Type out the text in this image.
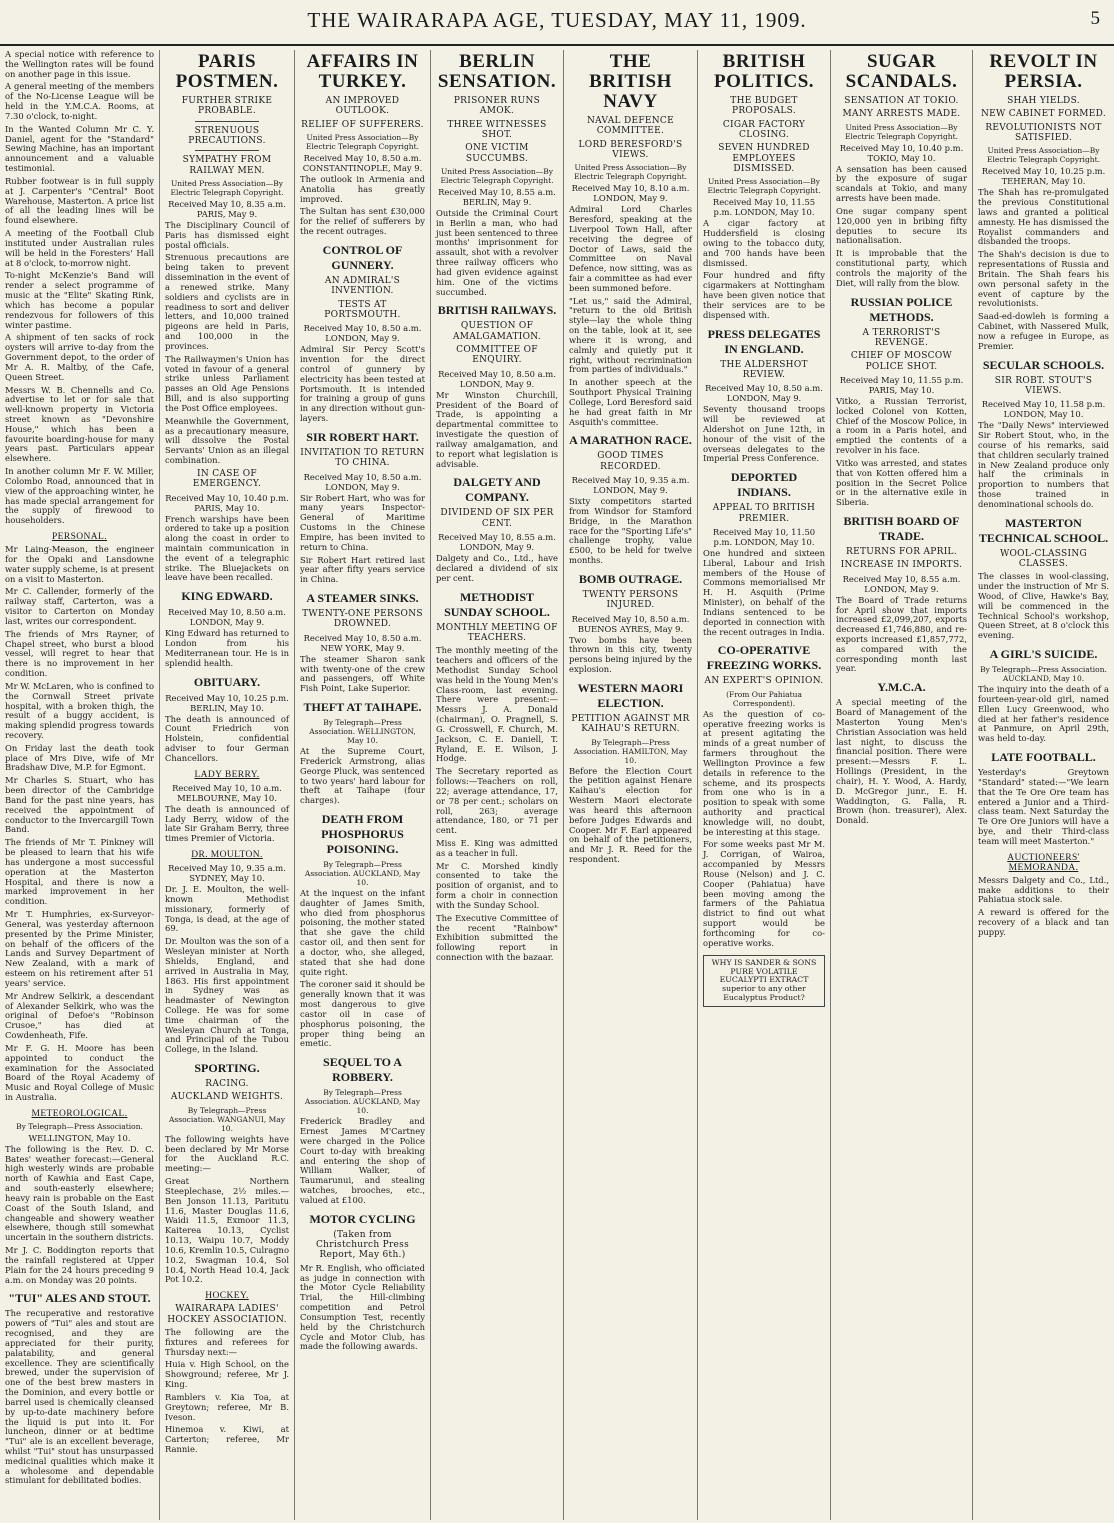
THE WAIRARAPA AGE, TUESDAY, MAY 11, 1909.	5

A special notice with reference to the Wellington rates will be found on another page in this issue.

A general meeting of the members of the No-License League will be held in the Y.M.C.A. Rooms, at 7.30 o'clock, to-night.

In the Wanted Column Mr C. Y. Daniel, agent for the "Standard" Sewing Machine, has an important announcement and a valuable testimonial.

Rubber footwear is in full supply at J. Carpenter's "Central" Boot Warehouse, Masterton. A price list of all the leading lines will be found elsewhere.

A meeting of the Football Club instituted under Australian rules will be held in the Foresters' Hall at 8 o'clock, to-morrow night.

To-night McKenzie's Band will render a select programme of music at the "Elite" Skating Rink, which has become a popular rendezvous for followers of this winter pastime.

A shipment of ten sacks of rock oysters will arrive to-day from the Government depot, to the order of Mr A. R. Maltby, of the Cafe, Queen Street.

Messrs W. B. Chennells and Co. advertise to let or for sale that well-known property in Victoria street known as "Devonshire House," which has been a favourite boarding-house for many years past. Particulars appear elsewhere.

In another column Mr F. W. Miller, Colombo Road, announced that in view of the approaching winter, he has made special arrangement for the supply of firewood to householders.

PERSONAL.

Mr Laing-Meason, the engineer for the Opaki and Lansdowne water supply scheme, is at present on a visit to Masterton.

Mr C. Callender, formerly of the railway staff, Carterton, was a visitor to Carterton on Monday last, writes our correspondent.

The friends of Mrs Rayner, of Chapel street, who burst a blood vessel, will regret to hear that there is no improvement in her condition.

Mr W. McLaren, who is confined to the Cornwall Street private hospital, with a broken thigh, the result of a buggy accident, is making splendid progress towards recovery.

On Friday last the death took place of Mrs Dive, wife of Mr Bradshaw Dive, M.P. for Egmont.

Mr Charles S. Stuart, who has been director of the Cambridge Band for the past nine years, has received the appointment of conductor to the Invercargill Town Band.

The friends of Mr T. Pinkney will be pleased to learn that his wife has undergone a most successful operation at the Masterton Hospital, and there is now a marked improvement in her condition.

Mr T. Humphries, ex-Surveyor-General, was yesterday afternoon presented by the Prime Minister, on behalf of the officers of the Lands and Survey Department of New Zealand, with a mark of esteem on his retirement after 51 years' service.

Mr Andrew Selkirk, a descendant of Alexander Selkirk, who was the original of Defoe's "Robinson Crusoe," has died at Cowdenheath, Fife.

Mr F. G. H. Moore has been appointed to conduct the examination for the Associated Board of the Royal Academy of Music and Royal College of Music in Australia.

METEOROLOGICAL.
By Telegraph—Press Association.
WELLINGTON, May 10.

The following is the Rev. D. C. Bates' weather forecast:—General high westerly winds are probable north of Kawhia and East Cape, and south-easterly elsewhere; heavy rain is probable on the East Coast of the South Island, and changeable and showery weather elsewhere, though still somewhat uncertain in the southern districts.

Mr J. C. Boddington reports that the rainfall registered at Upper Plain for the 24 hours preceding 9 a.m. on Monday was 20 points.

"TUI" ALES AND STOUT.

The recuperative and restorative powers of "Tui" ales and stout are recognised, and they are appreciated for their purity, palatability, and general excellence. They are scientifically brewed, under the supervision of one of the best brew masters in the Dominion, and every bottle or barrel used is chemically cleansed by up-to-date machinery before the liquid is put into it. For luncheon, dinner or at bedtime "Tui" ale is an excellent beverage, whilst "Tui" stout has unsurpassed medicinal qualities which make it a wholesome and dependable stimulant for debilitated bodies.

PARIS POSTMEN.
FURTHER STRIKE PROBABLE.
STRENUOUS PRECAUTIONS.
SYMPATHY FROM RAILWAY MEN.
United Press Association—By Electric Telegraph Copyright.
Received May 10, 8.35 a.m. PARIS, May 9.

The Disciplinary Council of Paris has dismissed eight postal officials.

Strenuous precautions are being taken to prevent dissemination in the event of a renewed strike. Many soldiers and cyclists are in readiness to sort and deliver letters, and 10,000 trained pigeons are held in Paris, and 100,000 in the provinces.

The Railwaymen's Union has voted in favour of a general strike unless Parliament passes an Old Age Pensions Bill, and is also supporting the Post Office employees.

Meanwhile the Government, as a precautionary measure, will dissolve the Postal Servants' Union as an illegal combination.

IN CASE OF EMERGENCY.
Received May 10, 10.40 p.m. PARIS, May 10.

French warships have been ordered to take up a position along the coast in order to maintain communication in the event of a telegraphic strike. The Bluejackets on leave have been recalled.

KING EDWARD.
Received May 10, 8.50 a.m. LONDON, May 9.

King Edward has returned to London from his Mediterranean tour. He is in splendid health.

OBITUARY.
Received May 10, 10.25 p.m. BERLIN, May 10.

The death is announced of Count Friedrich von Holstein, confidential adviser to four German Chancellors.

LADY BERRY.
Received May 10, 10 a.m. MELBOURNE, May 10.

The death is announced of Lady Berry, widow of the late Sir Graham Berry, three times Premier of Victoria.

DR. MOULTON.
Received May 10, 9.35 a.m. SYDNEY, May 10.

Dr. J. E. Moulton, the well-known Methodist missionary, formerly of Tonga, is dead, at the age of 69.

Dr. Moulton was the son of a Wesleyan minister at North Shields, England, and arrived in Australia in May, 1863. His first appointment in Sydney was as headmaster of Newington College. He was for some time chairman of the Wesleyan Church at Tonga, and Principal of the Tubou College, in the Island.

SPORTING.
RACING.
AUCKLAND WEIGHTS.
By Telegraph—Press Association. WANGANUI, May 10.

The following weights have been declared by Mr Morse for the Auckland R.C. meeting:—

Great Northern Steeplechase, 2½ miles.—Ben Jonson 11.13, Paritutu 11.6, Master Douglas 11.6, Waidi 11.5, Exmoor 11.3, Kaiterea 10.13, Cyclist 10.13, Waipu 10.7, Moddy 10.6, Kremlin 10.5, Culragno 10.2, Swagman 10.4, Sol 10.4, North Head 10.4, Jack Pot 10.2.

HOCKEY.
WAIRARAPA LADIES' HOCKEY ASSOCIATION.

The following are the fixtures and referees for Thursday next:—

Huia v. High School, on the Showground; referee, Mr J. King.

Ramblers v. Kia Toa, at Greytown; referee, Mr B. Iveson.

Hinemoa v. Kiwi, at Carterton; referee, Mr Rannie.

AFFAIRS IN TURKEY.
AN IMPROVED OUTLOOK.
RELIEF OF SUFFERERS.
United Press Association—By Electric Telegraph Copyright.
Received May 10, 8.50 a.m. CONSTANTINOPLE, May 9.

The outlook in Armenia and Anatolia has greatly improved.

The Sultan has sent £30,000 for the relief of sufferers by the recent outrages.

CONTROL OF GUNNERY.
AN ADMIRAL'S INVENTION.
TESTS AT PORTSMOUTH.
Received May 10, 8.50 a.m. LONDON, May 9.

Admiral Sir Percy Scott's invention for the direct control of gunnery by electricity has been tested at Portsmouth. It is intended for training a group of guns in any direction without gun-layers.

SIR ROBERT HART.
INVITATION TO RETURN TO CHINA.
Received May 10, 8.50 a.m. LONDON, May 9.

Sir Robert Hart, who was for many years Inspector-General of Maritime Customs in the Chinese Empire, has been invited to return to China.

Sir Robert Hart retired last year after fifty years service in China.

A STEAMER SINKS.
TWENTY-ONE PERSONS DROWNED.
Received May 10, 8.50 a.m. NEW YORK, May 9.

The steamer Sharon sank with twenty-one of the crew and passengers, off White Fish Point, Lake Superior.

THEFT AT TAIHAPE.
By Telegraph—Press Association. WELLINGTON, May 10.

At the Supreme Court, Frederick Armstrong, alias George Pluck, was sentenced to two years' hard labour for theft at Taihape (four charges).

DEATH FROM PHOSPHORUS POISONING.
By Telegraph—Press Association. AUCKLAND, May 10.

At the inquest on the infant daughter of James Smith, who died from phosphorus poisoning, the mother stated that she gave the child castor oil, and then sent for a doctor, who, she alleged, stated that she had done quite right.

The coroner said it should be generally known that it was most dangerous to give castor oil in case of phosphorus poisoning, the proper thing being an emetic.

SEQUEL TO A ROBBERY.
By Telegraph—Press Association. AUCKLAND, May 10.

Frederick Bradley and Ernest James M'Cartney were charged in the Police Court to-day with breaking and entering the shop of William Walker, of Taumarunui, and stealing watches, brooches, etc., valued at £100.

MOTOR CYCLING
(Taken from Christchurch Press Report, May 6th.)

Mr R. English, who officiated as judge in connection with the Motor Cycle Reliability Trial, the Hill-climbing competition and Petrol Consumption Test, recently held by the Christchurch Cycle and Motor Club, has made the following awards.

BERLIN SENSATION.
PRISONER RUNS AMOK.
THREE WITNESSES SHOT.
ONE VICTIM SUCCUMBS.
United Press Association—By Electric Telegraph Copyright.
Received May 10, 8.55 a.m. BERLIN, May 9.

Outside the Criminal Court in Berlin a man, who had just been sentenced to three months' imprisonment for assault, shot with a revolver three railway officers who had given evidence against him. One of the victims succumbed.

BRITISH RAILWAYS.
QUESTION OF AMALGAMATION.
COMMITTEE OF ENQUIRY.
Received May 10, 8.50 a.m. LONDON, May 9.

Mr Winston Churchill, President of the Board of Trade, is appointing a departmental committee to investigate the question of railway amalgamation, and to report what legislation is advisable.

DALGETY AND COMPANY.
DIVIDEND OF SIX PER CENT.
Received May 10, 8.55 a.m. LONDON, May 9.

Dalgety and Co., Ltd., have declared a dividend of six per cent.

METHODIST SUNDAY SCHOOL.
MONTHLY MEETING OF TEACHERS.

The monthly meeting of the teachers and officers of the Methodist Sunday School was held in the Young Men's Class-room, last evening. There were present:—Messrs J. A. Donald (chairman), O. Pragnell, S. G. Crosswell, F. Church, M. Jackson, C. E. Daniell, T. Ryland, E. E. Wilson, J. Hodge.

The Secretary reported as follows:—Teachers on roll, 22; average attendance, 17, or 78 per cent.; scholars on roll, 263; average attendance, 180, or 71 per cent.

Miss E. King was admitted as a teacher in full.

Mr C. Morshed kindly consented to take the position of organist, and to form a choir in connection with the Sunday School.

The Executive Committee of the recent "Rainbow" Exhibition submitted the following report in connection with the bazaar.

THE BRITISH NAVY
NAVAL DEFENCE COMMITTEE.
LORD BERESFORD'S VIEWS.
United Press Association—By Electric Telegraph Copyright.
Received May 10, 8.10 a.m. LONDON, May 9.

Admiral Lord Charles Beresford, speaking at the Liverpool Town Hall, after receiving the degree of Doctor of Laws, said the Committee on Naval Defence, now sitting, was as fair a committee as had ever been summoned before.

"Let us," said the Admiral, "return to the old British style—lay the whole thing on the table, look at it, see where it is wrong, and calmly and quietly put it right, without recrimination from parties of individuals."

In another speech at the Southport Physical Training College, Lord Beresford said he had great faith in Mr Asquith's committee.

A MARATHON RACE.
GOOD TIMES RECORDED.
Received May 10, 9.35 a.m. LONDON, May 9.

Sixty competitors started from Windsor for Stamford Bridge, in the Marathon race for the "Sporting Life's" challenge trophy, value £500, to be held for twelve months.

BOMB OUTRAGE.
TWENTY PERSONS INJURED.
Received May 10, 8.50 a.m. BUENOS AYRES, May 9.

Two bombs have been thrown in this city, twenty persons being injured by the explosion.

WESTERN MAORI ELECTION.
PETITION AGAINST MR KAIHAU'S RETURN.
By Telegraph—Press Association. HAMILTON, May 10.

Before the Election Court the petition against Henare Kaihau's election for Western Maori electorate was heard this afternoon before Judges Edwards and Cooper. Mr F. Earl appeared on behalf of the petitioners, and Mr J. R. Reed for the respondent.

BRITISH POLITICS.
THE BUDGET PROPOSALS.
CIGAR FACTORY CLOSING.
SEVEN HUNDRED EMPLOYEES DISMISSED.
United Press Association—By Electric Telegraph Copyright.
Received May 10, 11.55 p.m. LONDON, May 10.

A cigar factory at Huddersfield is closing owing to the tobacco duty, and 700 hands have been dismissed.

Four hundred and fifty cigarmakers at Nottingham have been given notice that their services are to be dispensed with.

PRESS DELEGATES IN ENGLAND.
THE ALDERSHOT REVIEW.
Received May 10, 8.50 a.m. LONDON, May 9.

Seventy thousand troops will be reviewed at Aldershot on June 12th, in honour of the visit of the overseas delegates to the Imperial Press Conference.

DEPORTED INDIANS.
APPEAL TO BRITISH PREMIER.
Received May 10, 11.50 p.m. LONDON, May 10.

One hundred and sixteen Liberal, Labour and Irish members of the House of Commons memorialised Mr H. H. Asquith (Prime Minister), on behalf of the Indians sentenced to be deported in connection with the recent outrages in India.

CO-OPERATIVE FREEZING WORKS.
AN EXPERT'S OPINION.
(From Our Pahiatua Correspondent).

As the question of co-operative freezing works is at present agitating the minds of a great number of farmers throughout the Wellington Province a few details in reference to the scheme, and its prospects from one who is in a position to speak with some authority and practical knowledge will, no doubt, be interesting at this stage.

For some weeks past Mr M. J. Corrigan, of Wairoa, accompanied by Messrs Rouse (Nelson) and J. C. Cooper (Pahiatua) have been moving among the farmers of the Pahiatua district to find out what support would be forthcoming for co-operative works.

WHY IS SANDER & SONS PURE VOLATILE EUCALYPTI EXTRACT superior to any other Eucalyptus Product?
SUGAR SCANDALS.
SENSATION AT TOKIO.
MANY ARRESTS MADE.
United Press Association—By Electric Telegraph Copyright.
Received May 10, 10.40 p.m. TOKIO, May 10.

A sensation has been caused by the exposure of sugar scandals at Tokio, and many arrests have been made.

One sugar company spent 120,000 yen in bribing fifty deputies to secure its nationalisation.

It is improbable that the constitutional party, which controls the majority of the Diet, will rally from the blow.

RUSSIAN POLICE METHODS.
A TERRORIST'S REVENGE.
CHIEF OF MOSCOW POLICE SHOT.
Received May 10, 11.55 p.m. PARIS, May 10.

Vitko, a Russian Terrorist, locked Colonel von Kotten, Chief of the Moscow Police, in a room in a Paris hotel, and emptied the contents of a revolver in his face.

Vitko was arrested, and states that von Kotten offered him a position in the Secret Police or in the alternative exile in Siberia.

BRITISH BOARD OF TRADE.
RETURNS FOR APRIL.
INCREASE IN IMPORTS.
Received May 10, 8.55 a.m. LONDON, May 9.

The Board of Trade returns for April show that imports increased £2,099,207, exports decreased £1,746,880, and re-exports increased £1,857,772, as compared with the corresponding month last year.

Y.M.C.A.

A special meeting of the Board of Management of the Masterton Young Men's Christian Association was held last night, to discuss the financial position. There were present:—Messrs F. L. Hollings (President, in the chair), H. Y. Wood, A. Hardy, D. McGregor junr., E. H. Waddington, G. Falla, R. Brown (hon. treasurer), Alex. Donald.

REVOLT IN PERSIA.
SHAH YIELDS.
NEW CABINET FORMED.
REVOLUTIONISTS NOT SATISFIED.
United Press Association—By Electric Telegraph Copyright.
Received May 10, 10.25 p.m. TEHERAN, May 10.

The Shah has re-promulgated the previous Constitutional laws and granted a political amnesty. He has dismissed the Royalist commanders and disbanded the troops.

The Shah's decision is due to representations of Russia and Britain. The Shah fears his own personal safety in the event of capture by the revolutionists.

Saad-ed-dowleh is forming a Cabinet, with Nassered Mulk, now a refugee in Europe, as Premier.

SECULAR SCHOOLS.
SIR ROBT. STOUT'S VIEWS.
Received May 10, 11.58 p.m. LONDON, May 10.

The "Daily News" interviewed Sir Robert Stout, who, in the course of his remarks, said that children secularly trained in New Zealand produce only half the criminals in proportion to numbers that those trained in denominational schools do.

MASTERTON TECHNICAL SCHOOL.
WOOL-CLASSING CLASSES.

The classes in wool-classing, under the instruction of Mr S. Wood, of Clive, Hawke's Bay, will be commenced in the Technical School's workshop, Queen Street, at 8 o'clock this evening.

A GIRL'S SUICIDE.
By Telegraph—Press Association. AUCKLAND, May 10.

The inquiry into the death of a fourteen-year-old girl, named Ellen Lucy Greenwood, who died at her father's residence at Panmure, on April 29th, was held to-day.

LATE FOOTBALL.

Yesterday's Greytown "Standard" stated:—"We learn that the Te Ore Ore team has entered a Junior and a Third-class team. Next Saturday the Te Ore Ore Juniors will have a bye, and their Third-class team will meet Masterton."

AUCTIONEERS' MEMORANDA.

Messrs Dalgety and Co., Ltd., make additions to their Pahiatua stock sale.

A reward is offered for the recovery of a black and tan puppy.
